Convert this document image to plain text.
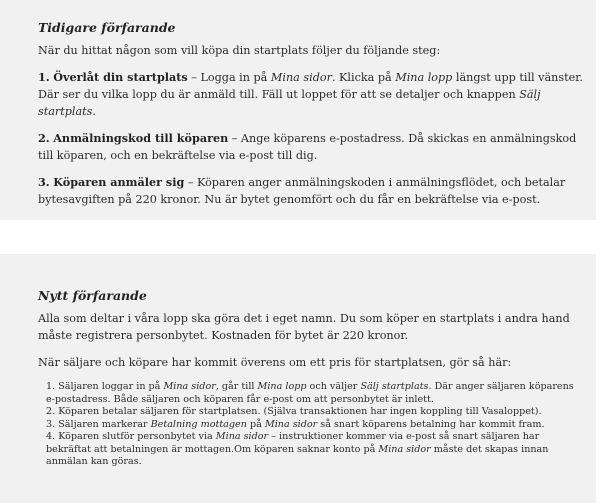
Tidigare förfarande

När du hittat någon som vill köpa din startplats följer du följande steg:

1. Överlåt din startplats – Logga in på Mina sidor. Klicka på Mina lopp längst upp till vänster. Där ser du vilka lopp du är anmäld till. Fäll ut loppet för att se detaljer och knappen Sälj startplats.

2. Anmälningskod till köparen – Ange köparens e-postadress. Då skickas en anmälningskod till köparen, och en bekräftelse via e-post till dig.

3. Köparen anmäler sig – Köparen anger anmälningskoden i anmälningsflödet, och betalar bytesavgiften på 220 kronor. Nu är bytet genomfört och du får en bekräftelse via e-post.

Nytt förfarande

Alla som deltar i våra lopp ska göra det i eget namn. Du som köper en startplats i andra hand måste registrera personbytet. Kostnaden för bytet är 220 kronor.

När säljare och köpare har kommit överens om ett pris för startplatsen, gör så här:

1. Säljaren loggar in på Mina sidor, går till Mina lopp och väljer Sälj startplats. Där anger säljaren köparens e-postadress. Både säljaren och köparen får e-post om att personbytet är inlett.
2. Köparen betalar säljaren för startplatsen. (Själva transaktionen har ingen koppling till Vasaloppet).
3. Säljaren markerar Betalning mottagen på Mina sidor så snart köparens betalning har kommit fram.
4. Köparen slutför personbytet via Mina sidor – instruktioner kommer via e-post så snart säljaren har bekräftat att betalningen är mottagen.Om köparen saknar konto på Mina sidor måste det skapas innan anmälan kan göras.
